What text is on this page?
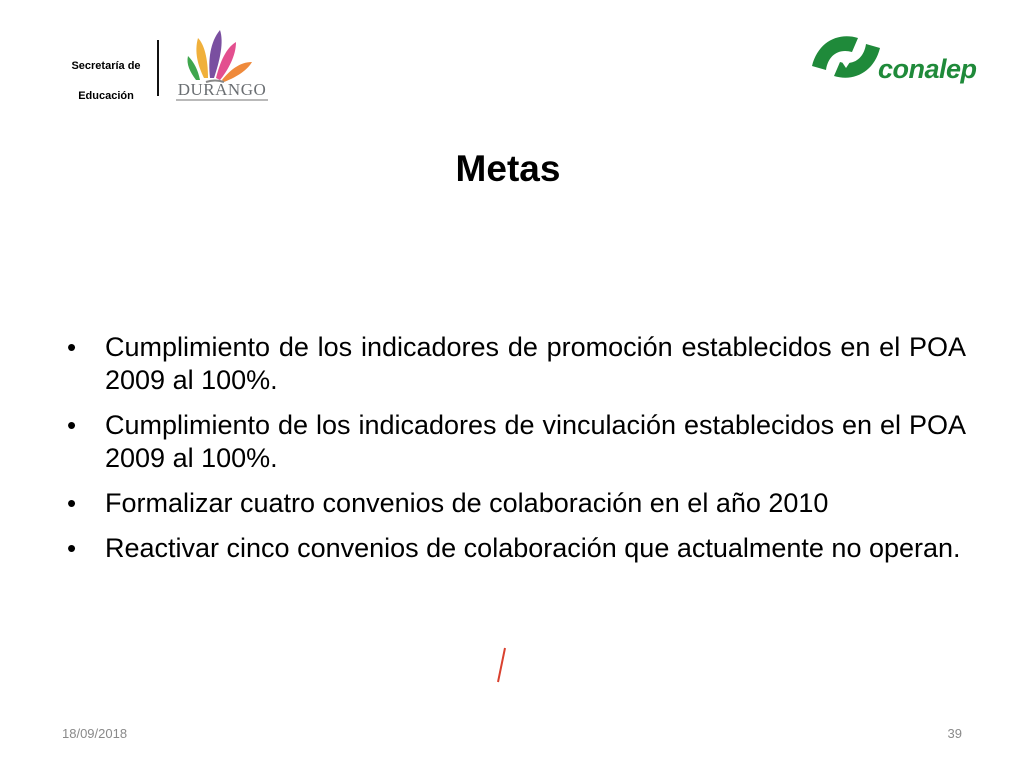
Secretaría de
Educación	DURANGO
conalep
Metas
• Cumplimiento de los indicadores de promoción establecidos en el POA 2009 al 100%.
• Cumplimiento de los indicadores de vinculación establecidos en el POA 2009 al 100%.
• Formalizar cuatro convenios de colaboración en el año 2010
• Reactivar cinco convenios de colaboración que actualmente no operan.
18/09/2018	39
